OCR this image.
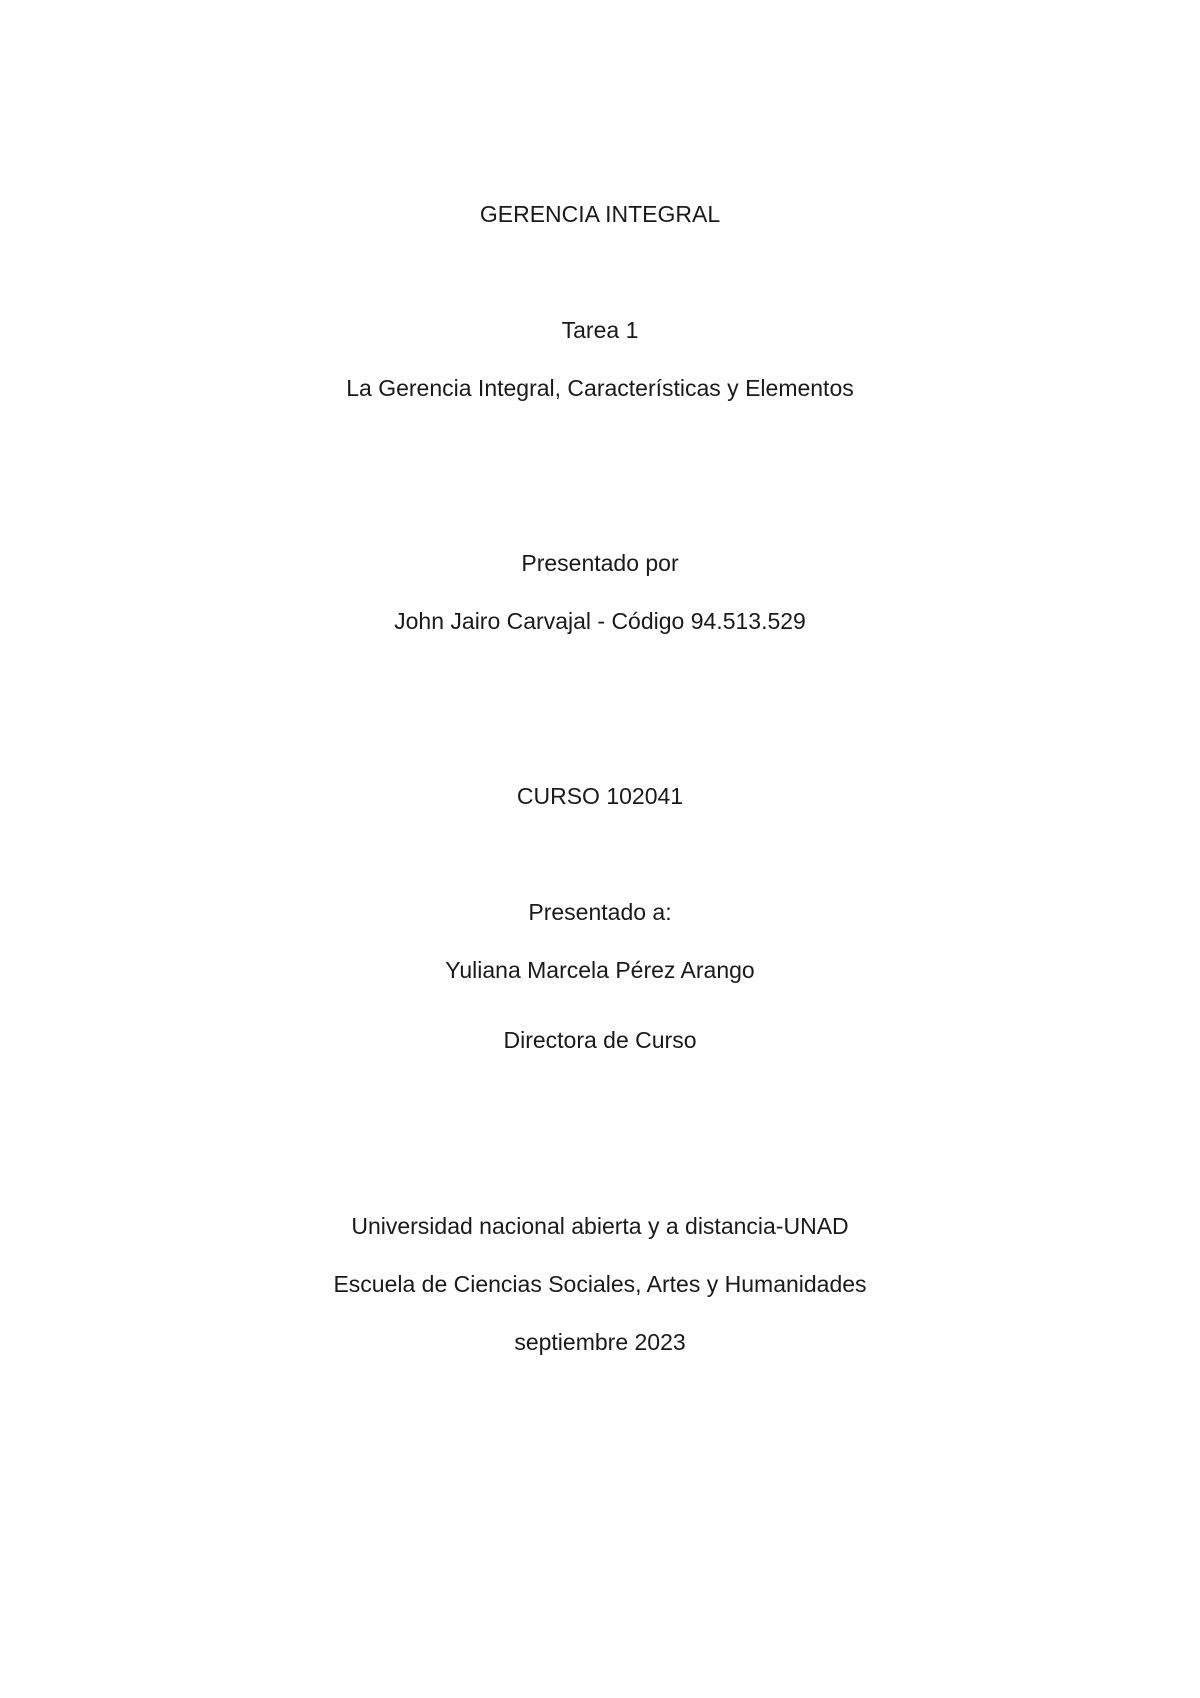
GERENCIA INTEGRAL
Tarea 1
La Gerencia Integral, Características y Elementos
Presentado por
John Jairo Carvajal - Código 94.513.529
CURSO 102041
Presentado a:
Yuliana Marcela Pérez Arango
Directora de Curso
Universidad nacional abierta y a distancia-UNAD
Escuela de Ciencias Sociales, Artes y Humanidades
septiembre 2023
